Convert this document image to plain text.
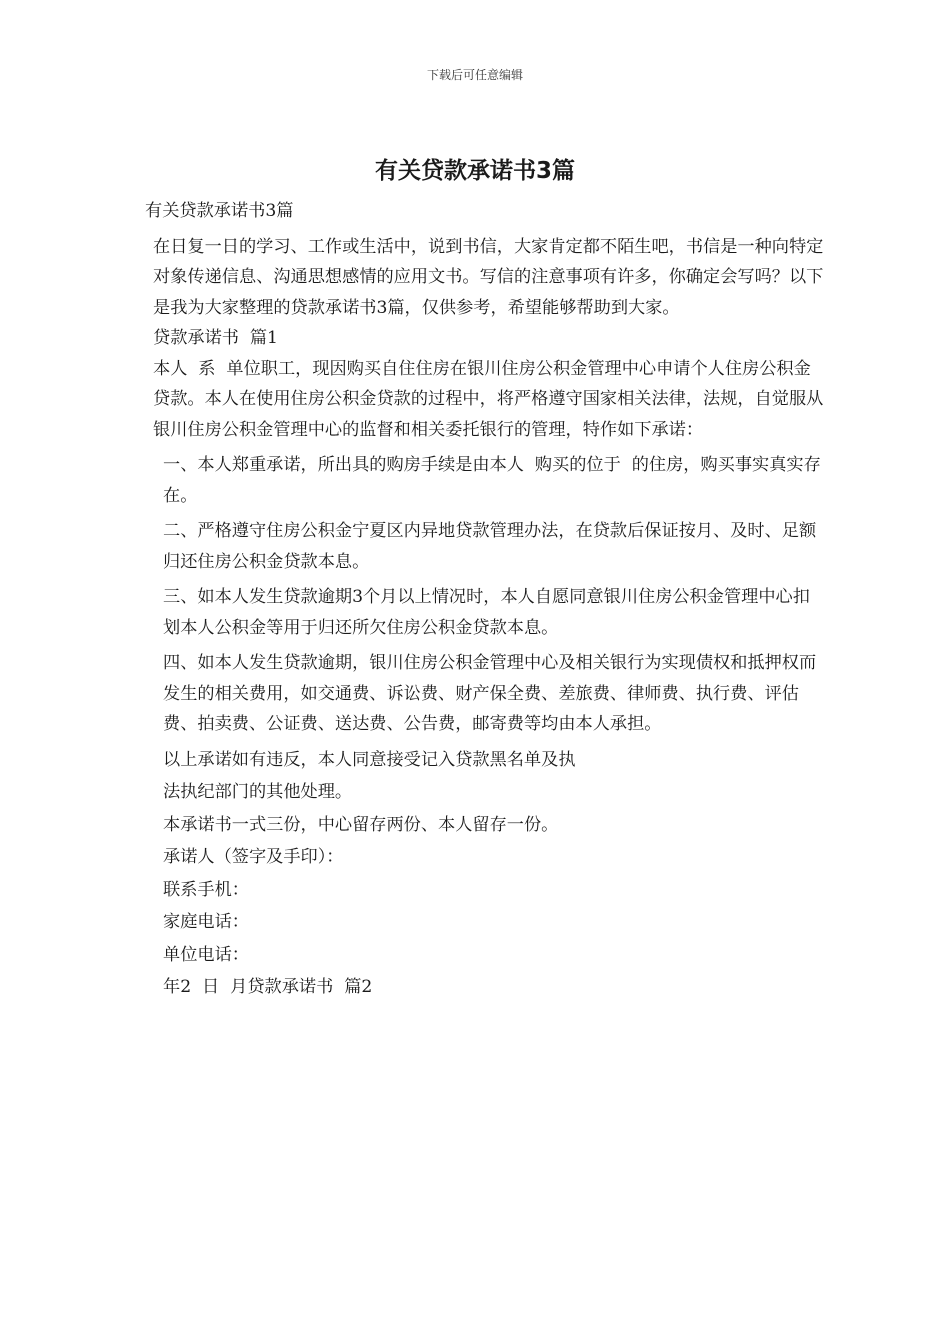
下载后可任意编辑
有关贷款承诺书3篇

有关贷款承诺书3篇

在日复一日的学习、工作或生活中，说到书信，大家肯定都不陌生吧，书信是一种向特定对象传递信息、沟通思想感情的应用文书。写信的注意事项有许多，你确定会写吗？以下是我为大家整理的贷款承诺书3篇，仅供参考，希望能够帮助到大家。

贷款承诺书  篇1

本人  系  单位职工，现因购买自住住房在银川住房公积金管理中心申请个人住房公积金贷款。本人在使用住房公积金贷款的过程中，将严格遵守国家相关法律，法规，自觉服从银川住房公积金管理中心的监督和相关委托银行的管理，特作如下承诺：

一、本人郑重承诺，所出具的购房手续是由本人  购买的位于  的住房，购买事实真实存在。

二、严格遵守住房公积金宁夏区内异地贷款管理办法，在贷款后保证按月、及时、足额归还住房公积金贷款本息。

三、如本人发生贷款逾期3个月以上情况时，本人自愿同意银川住房公积金管理中心扣划本人公积金等用于归还所欠住房公积金贷款本息。

四、如本人发生贷款逾期，银川住房公积金管理中心及相关银行为实现债权和抵押权而发生的相关费用，如交通费、诉讼费、财产保全费、差旅费、律师费、执行费、评估费、拍卖费、公证费、送达费、公告费，邮寄费等均由本人承担。

以上承诺如有违反，本人同意接受记入贷款黑名单及执

法执纪部门的其他处理。

本承诺书一式三份，中心留存两份、本人留存一份。

承诺人（签字及手印）：

联系手机：

家庭电话：

单位电话：

年2  日  月贷款承诺书  篇2
